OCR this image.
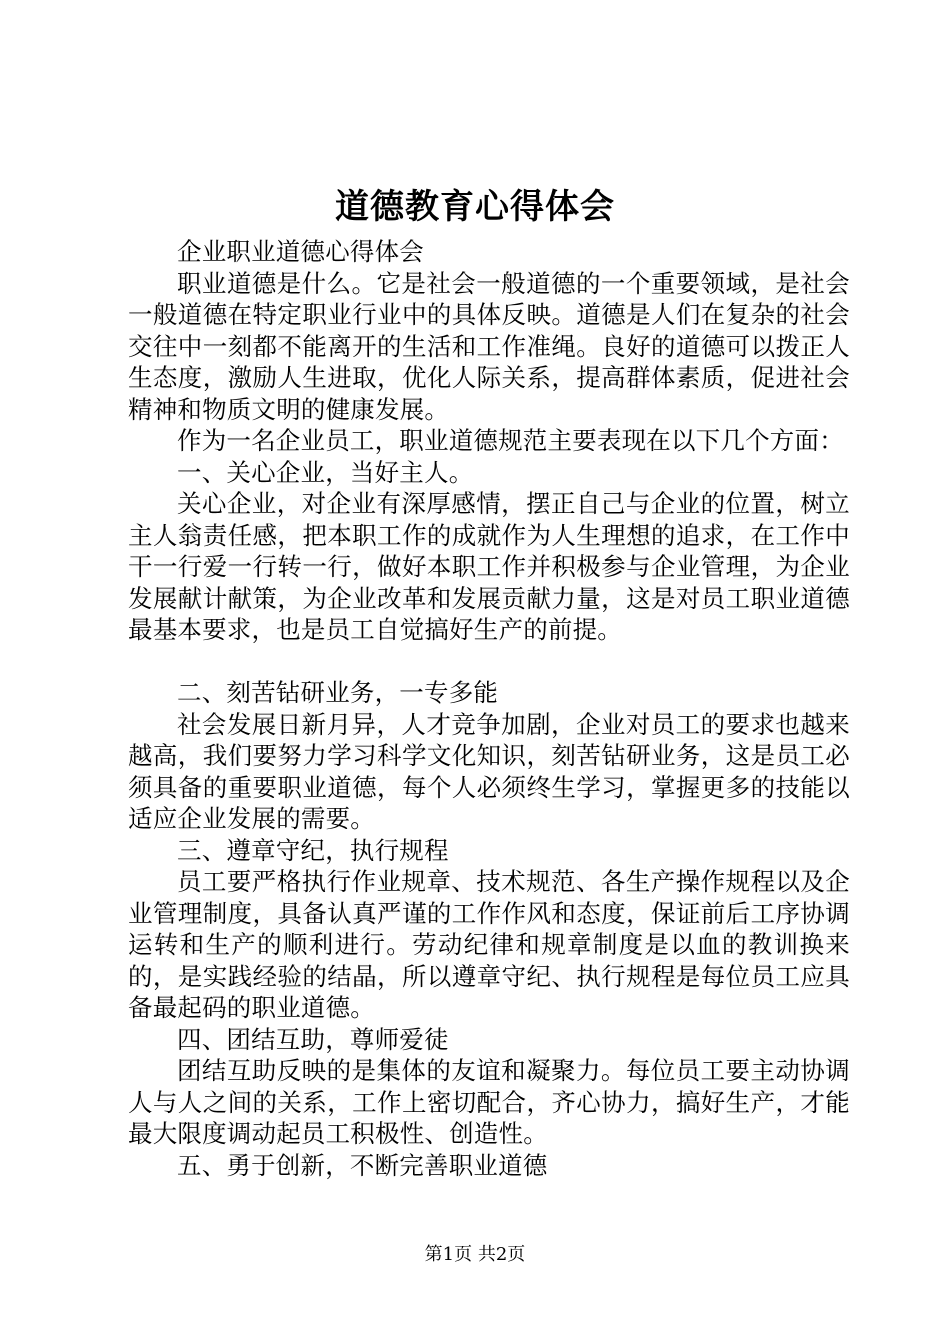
道德教育心得体会

企业职业道德心得体会

职业道德是什么。它是社会一般道德的一个重要领域，是社会一般道德在特定职业行业中的具体反映。道德是人们在复杂的社会交往中一刻都不能离开的生活和工作准绳。良好的道德可以拨正人生态度，激励人生进取，优化人际关系，提高群体素质，促进社会精神和物质文明的健康发展。

作为一名企业员工，职业道德规范主要表现在以下几个方面：

一、关心企业，当好主人。

关心企业，对企业有深厚感情，摆正自己与企业的位置，树立主人翁责任感，把本职工作的成就作为人生理想的追求，在工作中干一行爱一行转一行，做好本职工作并积极参与企业管理，为企业发展献计献策，为企业改革和发展贡献力量，这是对员工职业道德最基本要求，也是员工自觉搞好生产的前提。

二、刻苦钻研业务，一专多能

社会发展日新月异，人才竞争加剧，企业对员工的要求也越来越高，我们要努力学习科学文化知识，刻苦钻研业务，这是员工必须具备的重要职业道德，每个人必须终生学习，掌握更多的技能以适应企业发展的需要。

三、遵章守纪，执行规程

员工要严格执行作业规章、技术规范、各生产操作规程以及企业管理制度，具备认真严谨的工作作风和态度，保证前后工序协调运转和生产的顺利进行。劳动纪律和规章制度是以血的教训换来的，是实践经验的结晶，所以遵章守纪、执行规程是每位员工应具备最起码的职业道德。

四、团结互助，尊师爱徒

团结互助反映的是集体的友谊和凝聚力。每位员工要主动协调人与人之间的关系，工作上密切配合，齐心协力，搞好生产，才能最大限度调动起员工积极性、创造性。

五、勇于创新，不断完善职业道德

第1页 共2页
